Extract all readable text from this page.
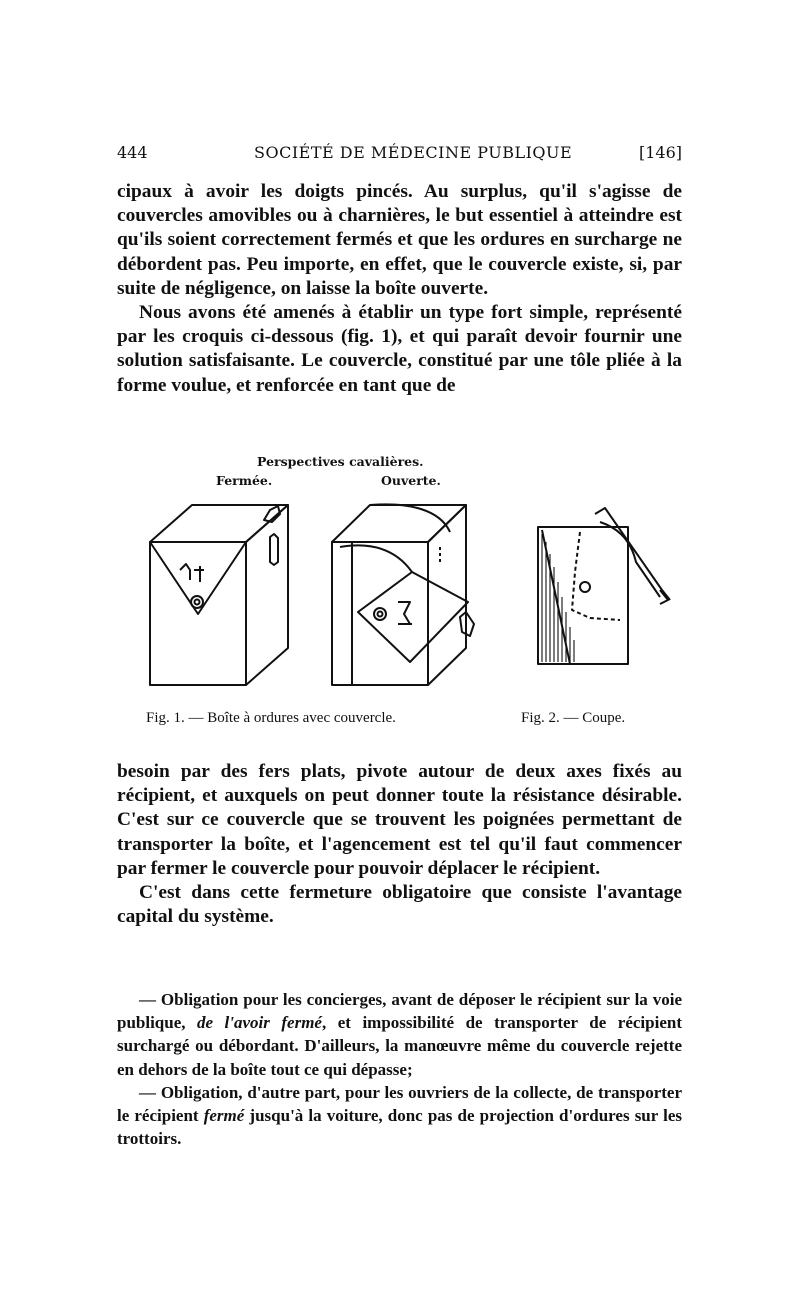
444	SOCIÉTÉ DE MÉDECINE PUBLIQUE	[146]

cipaux à avoir les doigts pincés. Au surplus, qu'il s'agisse de couvercles amovibles ou à charnières, le but essentiel à atteindre est qu'ils soient correctement fermés et que les ordures en surcharge ne débordent pas. Peu importe, en effet, que le couvercle existe, si, par suite de négligence, on laisse la boîte ouverte.

Nous avons été amenés à établir un type fort simple, représenté par les croquis ci-dessous (fig. 1), et qui paraît devoir fournir une solution satisfaisante. Le couvercle, constitué par une tôle pliée à la forme voulue, et renforcée en tant que de

Perspectives cavalières.
Fermée.	Ouverte.
Fig. 1. — Boîte à ordures avec couvercle.	Fig. 2. — Coupe.

besoin par des fers plats, pivote autour de deux axes fixés au récipient, et auxquels on peut donner toute la résistance désirable. C'est sur ce couvercle que se trouvent les poignées permettant de transporter la boîte, et l'agencement est tel qu'il faut commencer par fermer le couvercle pour pouvoir déplacer le récipient.

C'est dans cette fermeture obligatoire que consiste l'avantage capital du système.

— Obligation pour les concierges, avant de déposer le récipient sur la voie publique, de l'avoir fermé, et impossibilité de transporter de récipient surchargé ou débordant. D'ailleurs, la manœuvre même du couvercle rejette en dehors de la boîte tout ce qui dépasse;

— Obligation, d'autre part, pour les ouvriers de la collecte, de transporter le récipient fermé jusqu'à la voiture, donc pas de projection d'ordures sur les trottoirs.
